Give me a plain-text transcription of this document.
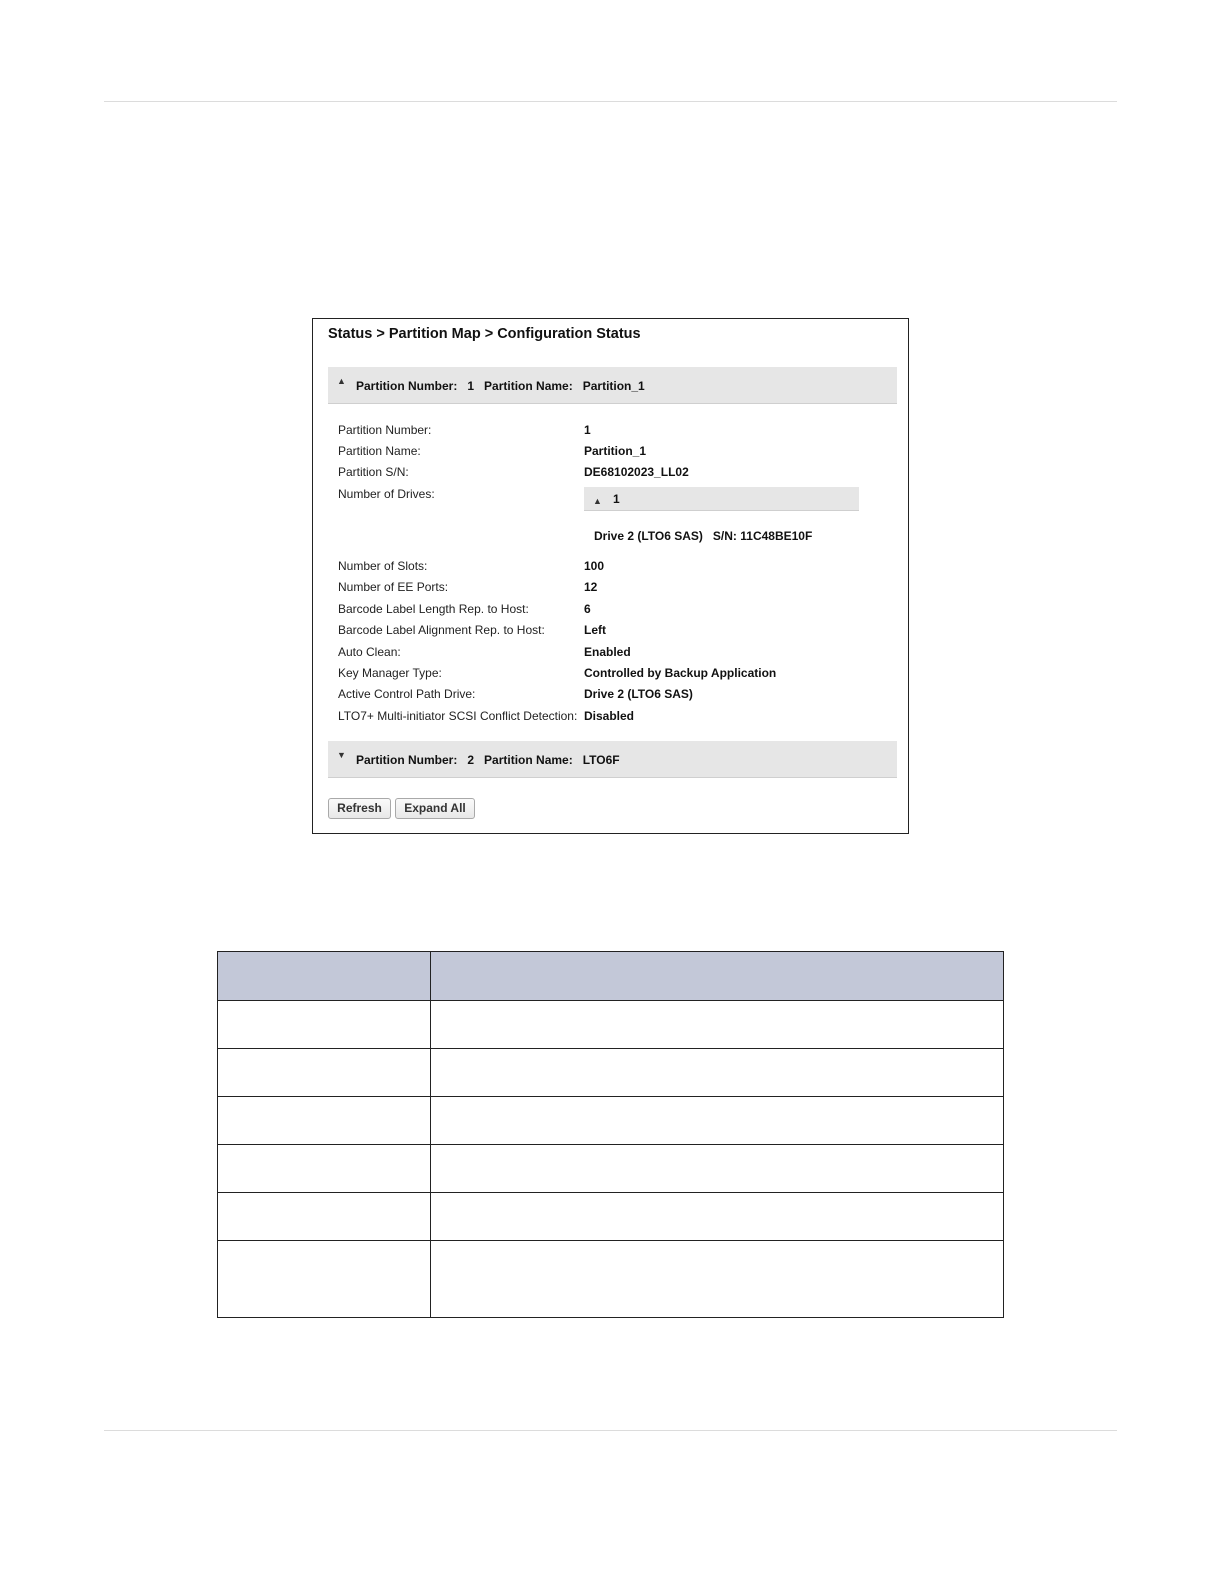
Status > Partition Map > Configuration Status
▲ Partition Number: 1 Partition Name: Partition_1
Partition Number:	1
Partition Name:	Partition_1
Partition S/N:	DE68102023_LL02
Number of Drives:	▲ 1
Drive 2 (LTO6 SAS) S/N: 11C48BE10F
Number of Slots:	100
Number of EE Ports:	12
Barcode Label Length Rep. to Host:	6
Barcode Label Alignment Rep. to Host:	Left
Auto Clean:	Enabled
Key Manager Type:	Controlled by Backup Application
Active Control Path Drive:	Drive 2 (LTO6 SAS)
LTO7+ Multi-initiator SCSI Conflict Detection: Disabled
▼ Partition Number: 2 Partition Name: LTO6F
Refresh	Expand All
